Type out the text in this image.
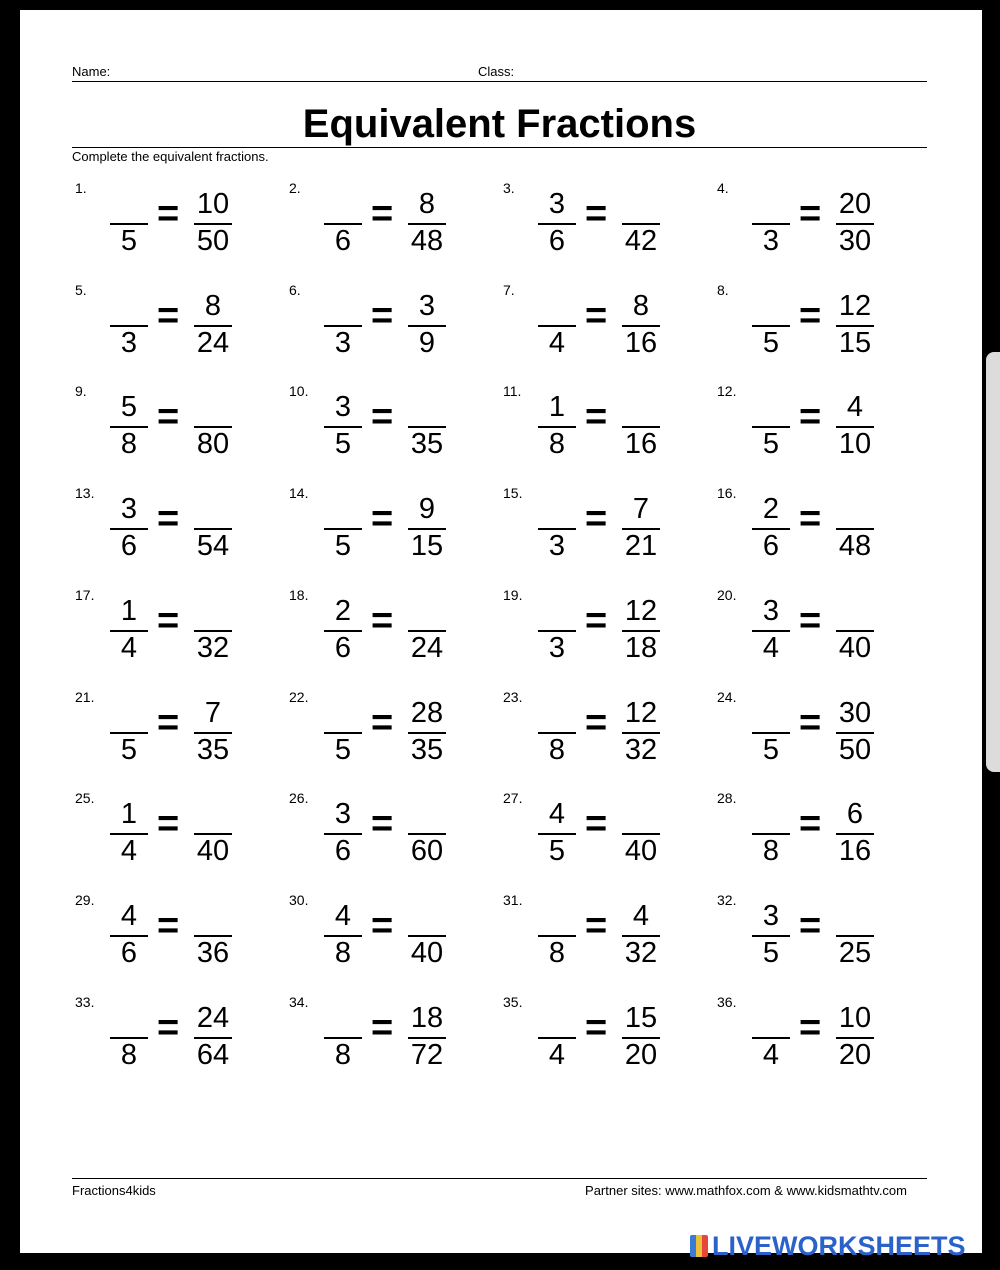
Name:	Class:
Equivalent Fractions
Complete the equivalent fractions.
1.
5
= 10
50
2.
6
= 8
48
3.	3
6
=
42
4.
3
= 20
30
5.
3
= 8
24
6.
3
= 3
9
7.
4
= 8
16
8.
5
= 12
15
9.	5
8
=
80
10. 3
5
=
35
11. 1
8
=
16
12.
5
= 4
10
13. 3
6
=
54
14.
5
= 9
15
15.
3
= 7
21
16. 2
6
=
48
17. 1
4
=
32
18. 2
6
=
24
19.
3
= 12
18
20. 3
4
=
40
21.
5
= 7
35
22.
5
= 28
35
23.
8
= 12
32
24.
5
= 30
50
25. 1
4
=
40
26. 3
6
=
60
27. 4
5
=
40
28.
8
= 6
16
29. 4
6
=
36
30. 4
8
=
40
31.
8
= 4
32
32. 3
5
=
25
33.
8
= 24
64
34.
8
= 18
72
35.
4
= 15
20
36.
4
= 10
20
Fractions4kids	Partner sites: www.mathfox.com & www.kidsmathtv.com
LIVEWORKSHEETS
